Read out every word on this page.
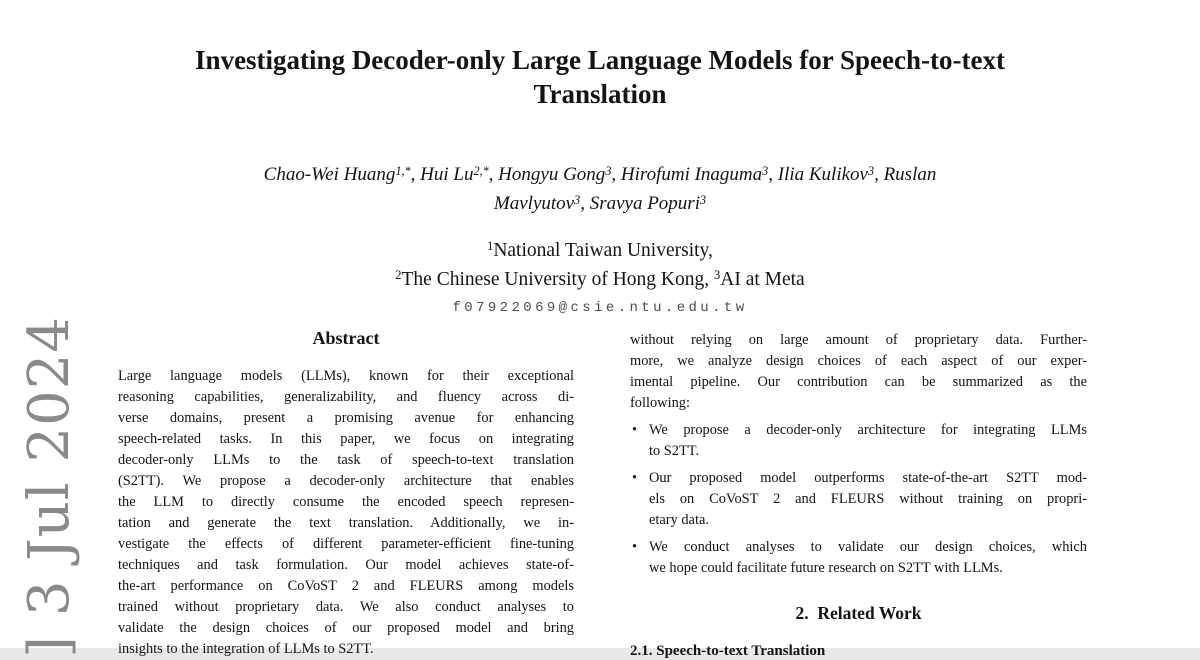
] 3 Jul 2024
Investigating Decoder-only Large Language Models for Speech-to-text
Translation
Chao-Wei Huang$^{1,*}$, Hui $Lu^{2,*}$, Hongyu Gong$^3$, Hirofumi Inaguma$^3$, Ilia Kulikov$^3$, Ruslan
Mavlyutov$^3$, Sravya Popuri$^3$
$^1$National Taiwan University,
$^2$The Chinese University of Hong Kong, $^3$AI at Meta
f07922069@csie.ntu.edu.tw
Abstract
Large language models (LLMs), known for their exceptional
reasoning capabilities, generalizability, and fluency across di-
verse domains, present a promising avenue for enhancing
speech-related tasks. In this paper, we focus on integrating
decoder-only LLMs to the task of speech-to-text translation
(S2TT). We propose a decoder-only architecture that enables
the LLM to directly consume the encoded speech represen-
tation and generate the text translation. Additionally, we in-
vestigate the effects of different parameter-efficient fine-tuning
techniques and task formulation. Our model achieves state-of-
the-art performance on CoVoST 2 and FLEURS among models
trained without proprietary data. We also conduct analyses to
validate the design choices of our proposed model and bring
insights to the integration of LLMs to S2TT.
without relying on large amount of proprietary data. Further-
more, we analyze design choices of each aspect of our exper-
imental pipeline. Our contribution can be summarized as the
following:
• We propose a decoder-only architecture for integrating LLMs
to S2TT.
• Our proposed model outperforms state-of-the-art S2TT mod-
els on CoVoST 2 and FLEURS without training on propri-
etary data.
• We conduct analyses to validate our design choices, which
we hope could facilitate future research on S2TT with LLMs.
2.  Related Work
2.1. Speech-to-text Translation
